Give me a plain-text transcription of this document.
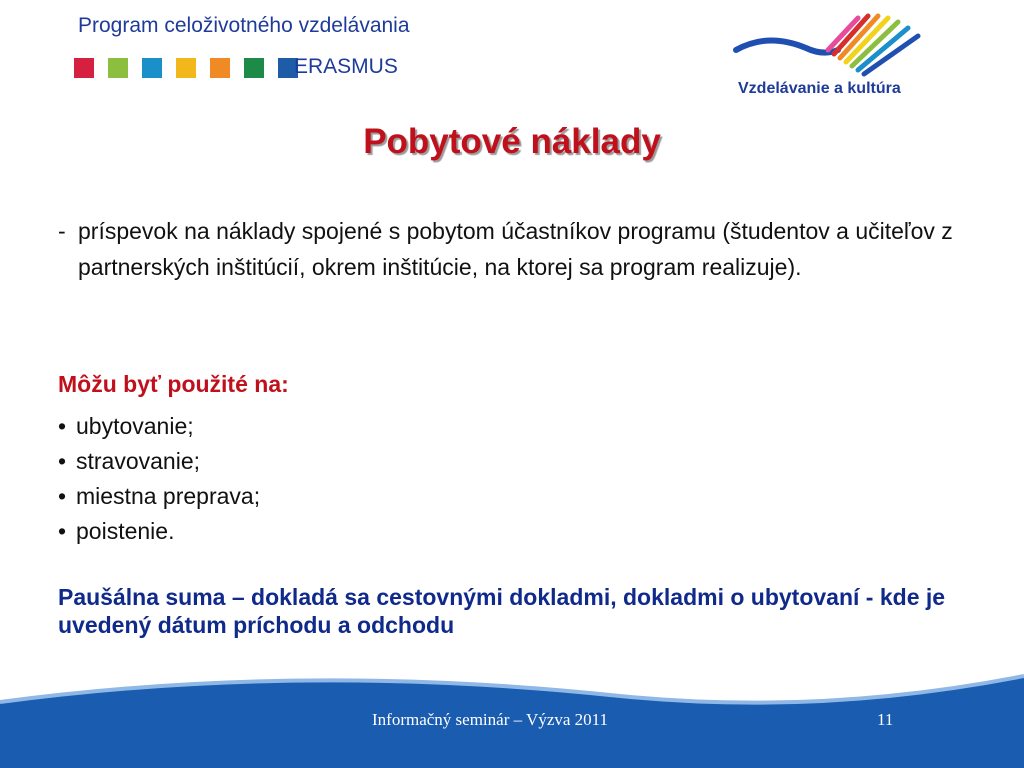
Program celoživotného vzdelávania
ERASMUS
Vzdelávanie a kultúra
Pobytové náklady
- príspevok na náklady spojené s pobytom účastníkov programu (študentov a učiteľov z partnerských inštitúcií, okrem inštitúcie, na ktorej sa program realizuje).
Môžu byť použité na:
• ubytovanie;
• stravovanie;
• miestna preprava;
• poistenie.
Paušálna suma – dokladá sa cestovnými dokladmi, dokladmi o ubytovaní - kde je uvedený dátum príchodu a odchodu
Informačný seminár – Výzva 2011	11
